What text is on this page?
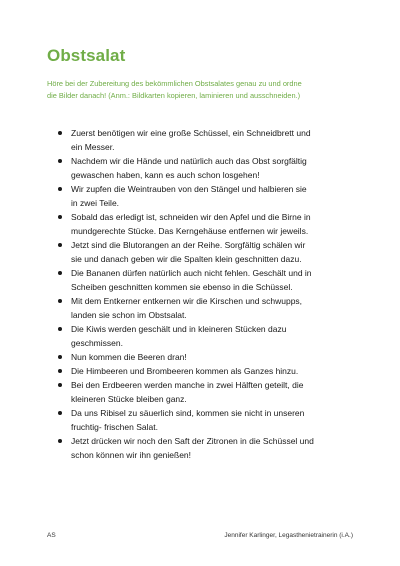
Obstsalat

Höre bei der Zubereitung des bekömmlichen Obstsalates genau zu und ordne
die Bilder danach! (Anm.: Bildkarten kopieren, laminieren und ausschneiden.)

Zuerst benötigen wir eine große Schüssel, ein Schneidbrett und
ein Messer.
Nachdem wir die Hände und natürlich auch das Obst sorgfältig
gewaschen haben, kann es auch schon losgehen!
Wir zupfen die Weintrauben von den Stängel und halbieren sie
in zwei Teile.
Sobald das erledigt ist, schneiden wir den Apfel und die Birne in
mundgerechte Stücke. Das Kerngehäuse entfernen wir jeweils.
Jetzt sind die Blutorangen an der Reihe. Sorgfältig schälen wir
sie und danach geben wir die Spalten klein geschnitten dazu.
Die Bananen dürfen natürlich auch nicht fehlen. Geschält und in
Scheiben geschnitten kommen sie ebenso in die Schüssel.
Mit dem Entkerner entkernen wir die Kirschen und schwupps,
landen sie schon im Obstsalat.
Die Kiwis werden geschält und in kleineren Stücken dazu
geschmissen.
Nun kommen die Beeren dran!
Die Himbeeren und Brombeeren kommen als Ganzes hinzu.
Bei den Erdbeeren werden manche in zwei Hälften geteilt, die
kleineren Stücke bleiben ganz.
Da uns Ribisel zu säuerlich sind, kommen sie nicht in unseren
fruchtig- frischen Salat.
Jetzt drücken wir noch den Saft der Zitronen in die Schüssel und
schon können wir ihn genießen!
AS	Jennifer Karlinger, Legasthenietrainerin (i.A.)
